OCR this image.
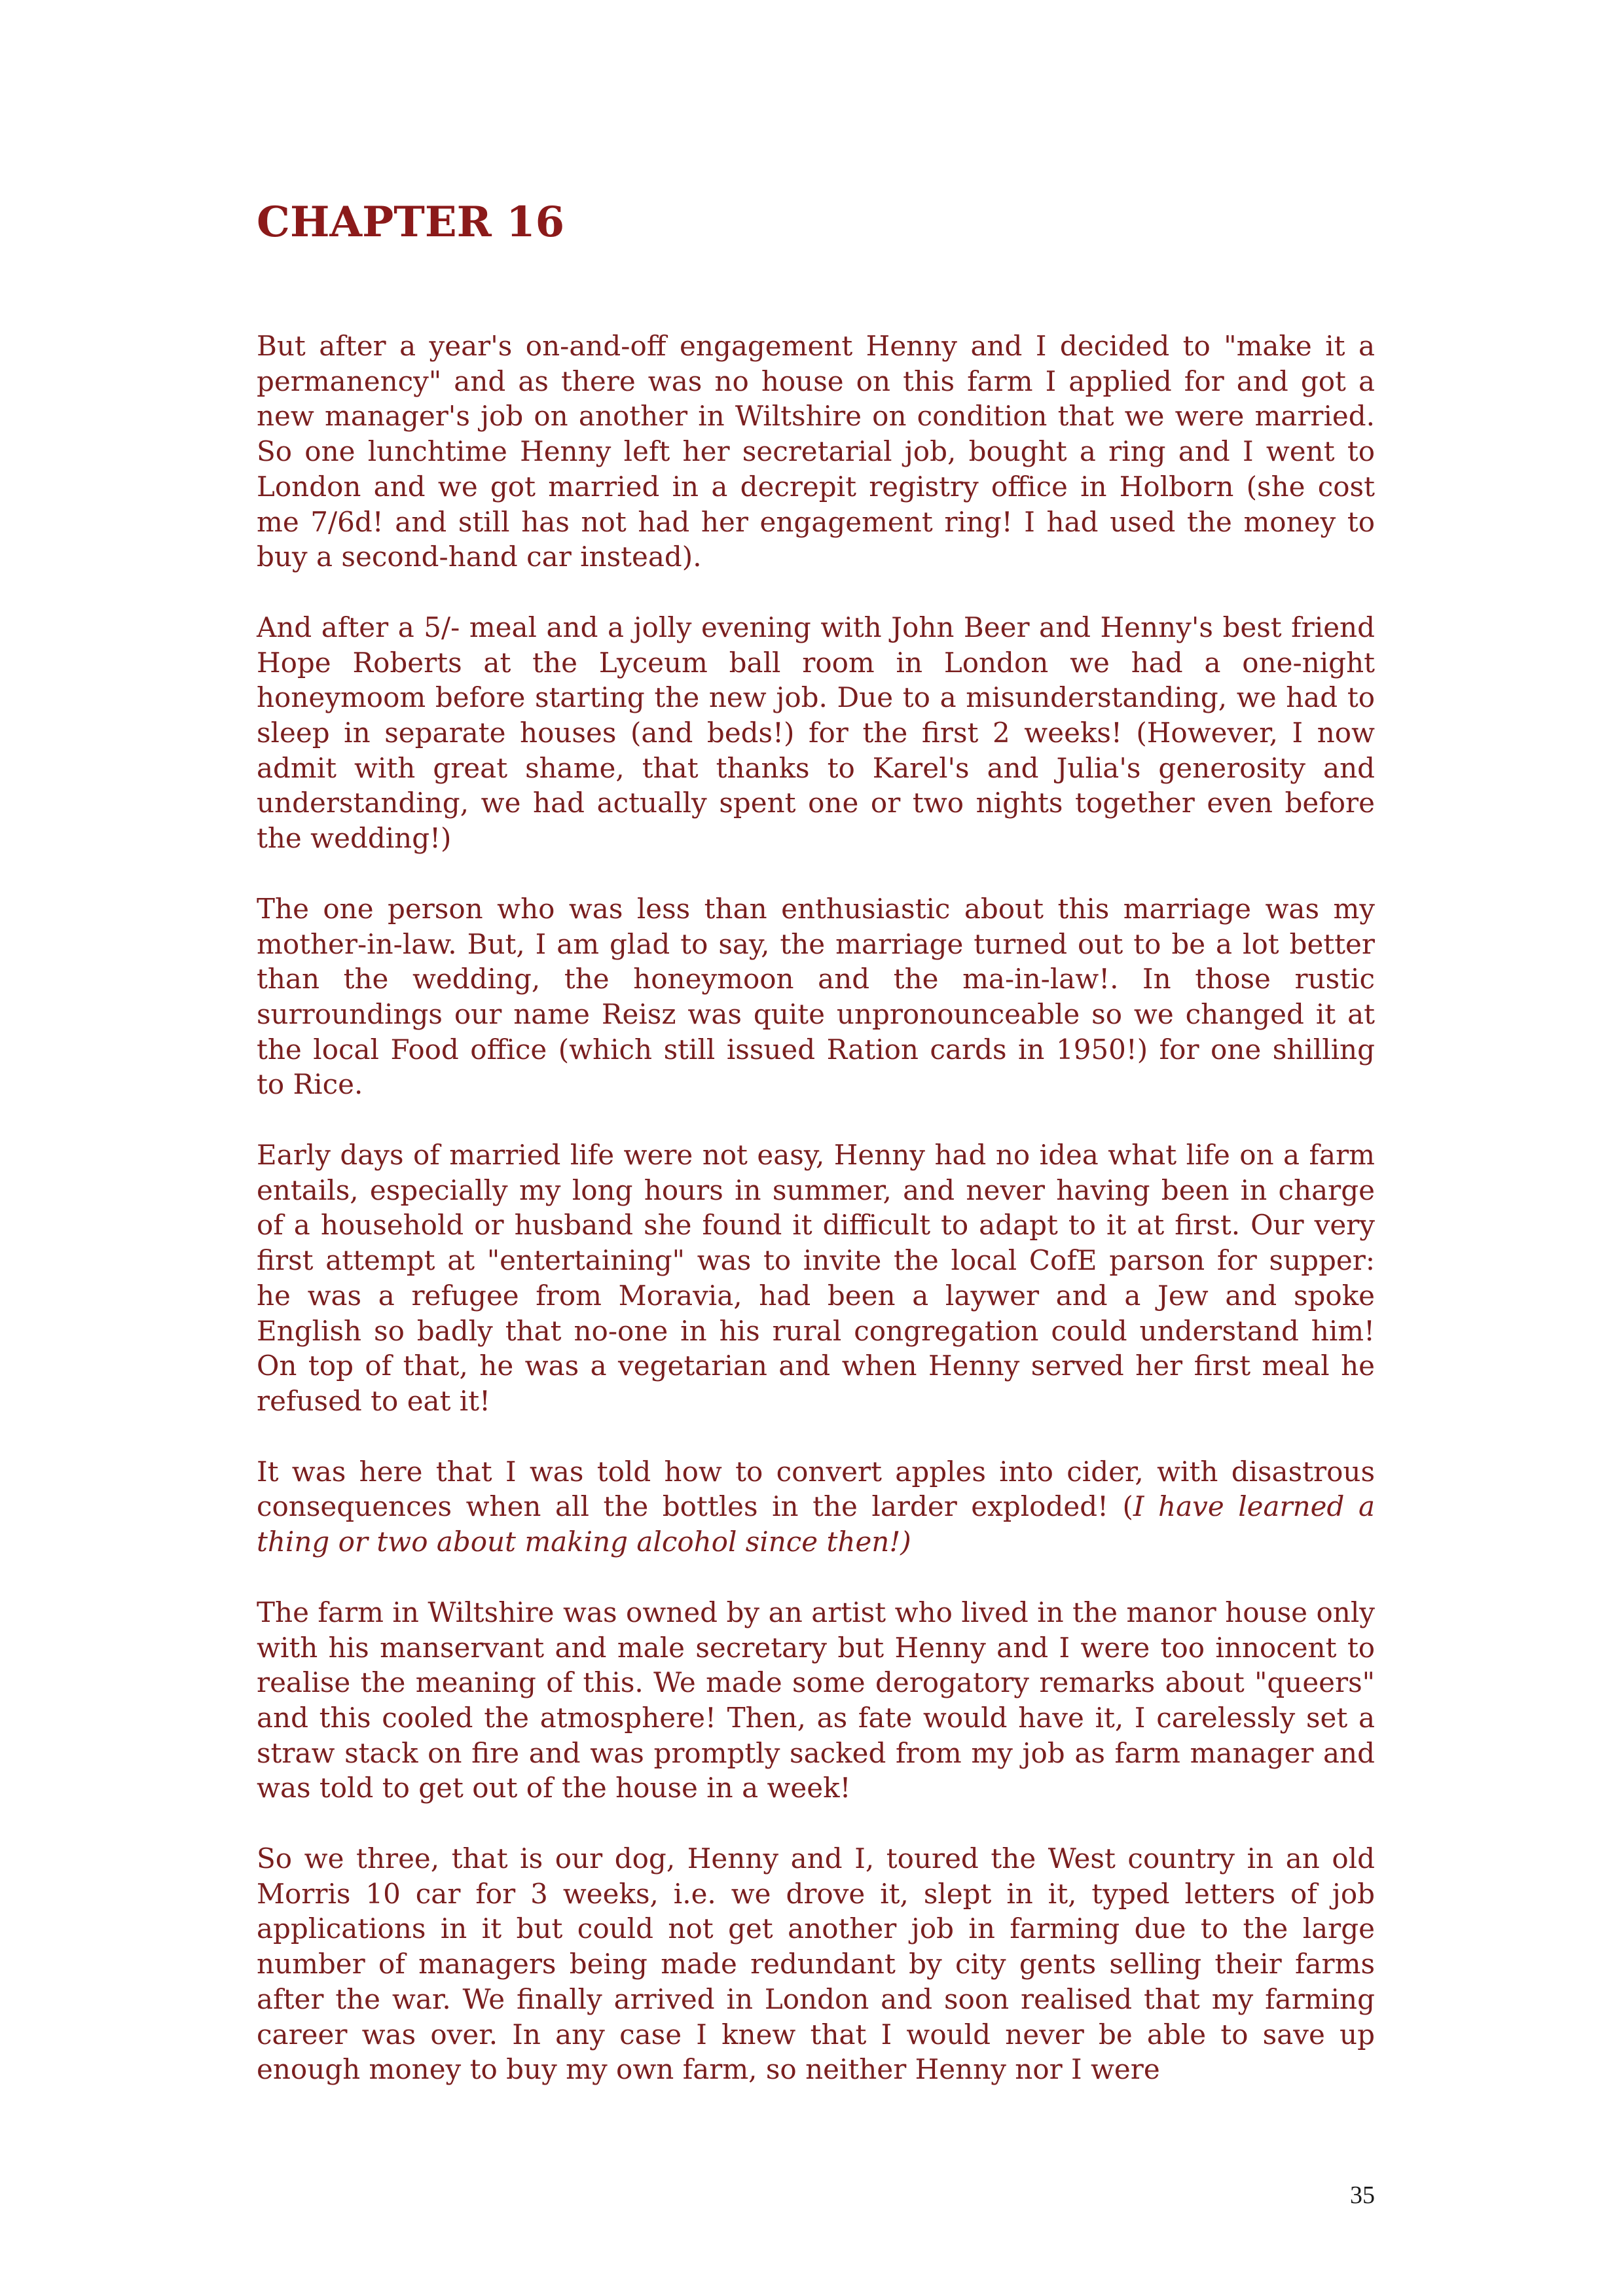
CHAPTER 16

But after a year's on-and-off engagement Henny and I decided to "make it a permanency" and as there was no house on this farm I applied for and got a new manager's job on another in Wiltshire on condition that we were married. So one lunchtime Henny left her secretarial job, bought a ring and I went to London and we got married in a decrepit registry office in Holborn (she cost me 7/6d! and still has not had her engagement ring! I had used the money to buy a second-hand car instead).

And after a 5/- meal and a jolly evening with John Beer and Henny's best friend Hope Roberts at the Lyceum ball room in London we had a one-night honeymoom before starting the new job. Due to a misunderstanding, we had to sleep in separate houses (and beds!) for the first 2 weeks! (However, I now admit with great shame, that thanks to Karel's and Julia's generosity and understanding, we had actually spent one or two nights together even before the wedding!)

The one person who was less than enthusiastic about this marriage was my mother-in-law. But, I am glad to say, the marriage turned out to be a lot better than the wedding, the honeymoon and the ma-in-law!. In those rustic surroundings our name Reisz was quite unpronounceable so we changed it at the local Food office (which still issued Ration cards in 1950!) for one shilling to Rice.

Early days of married life were not easy, Henny had no idea what life on a farm entails, especially my long hours in summer, and never having been in charge of a household or husband she found it difficult to adapt to it at first. Our very first attempt at "entertaining" was to invite the local CofE parson for supper: he was a refugee from Moravia, had been a laywer and a Jew and spoke English so badly that no-one in his rural congregation could understand him! On top of that, he was a vegetarian and when Henny served her first meal he refused to eat it!

It was here that I was told how to convert apples into cider, with disastrous consequences when all the bottles in the larder exploded! (I have learned a thing or two about making alcohol since then!)

The farm in Wiltshire was owned by an artist who lived in the manor house only with his manservant and male secretary but Henny and I were too innocent to realise the meaning of this. We made some derogatory remarks about "queers" and this cooled the atmosphere! Then, as fate would have it, I carelessly set a straw stack on fire and was promptly sacked from my job as farm manager and was told to get out of the house in a week!

So we three, that is our dog, Henny and I, toured the West country in an old Morris 10 car for 3 weeks, i.e. we drove it, slept in it, typed letters of job applications in it but could not get another job in farming due to the large number of managers being made redundant by city gents selling their farms after the war. We finally arrived in London and soon realised that my farming career was over. In any case I knew that I would never be able to save up enough money to buy my own farm, so neither Henny nor I were

35
